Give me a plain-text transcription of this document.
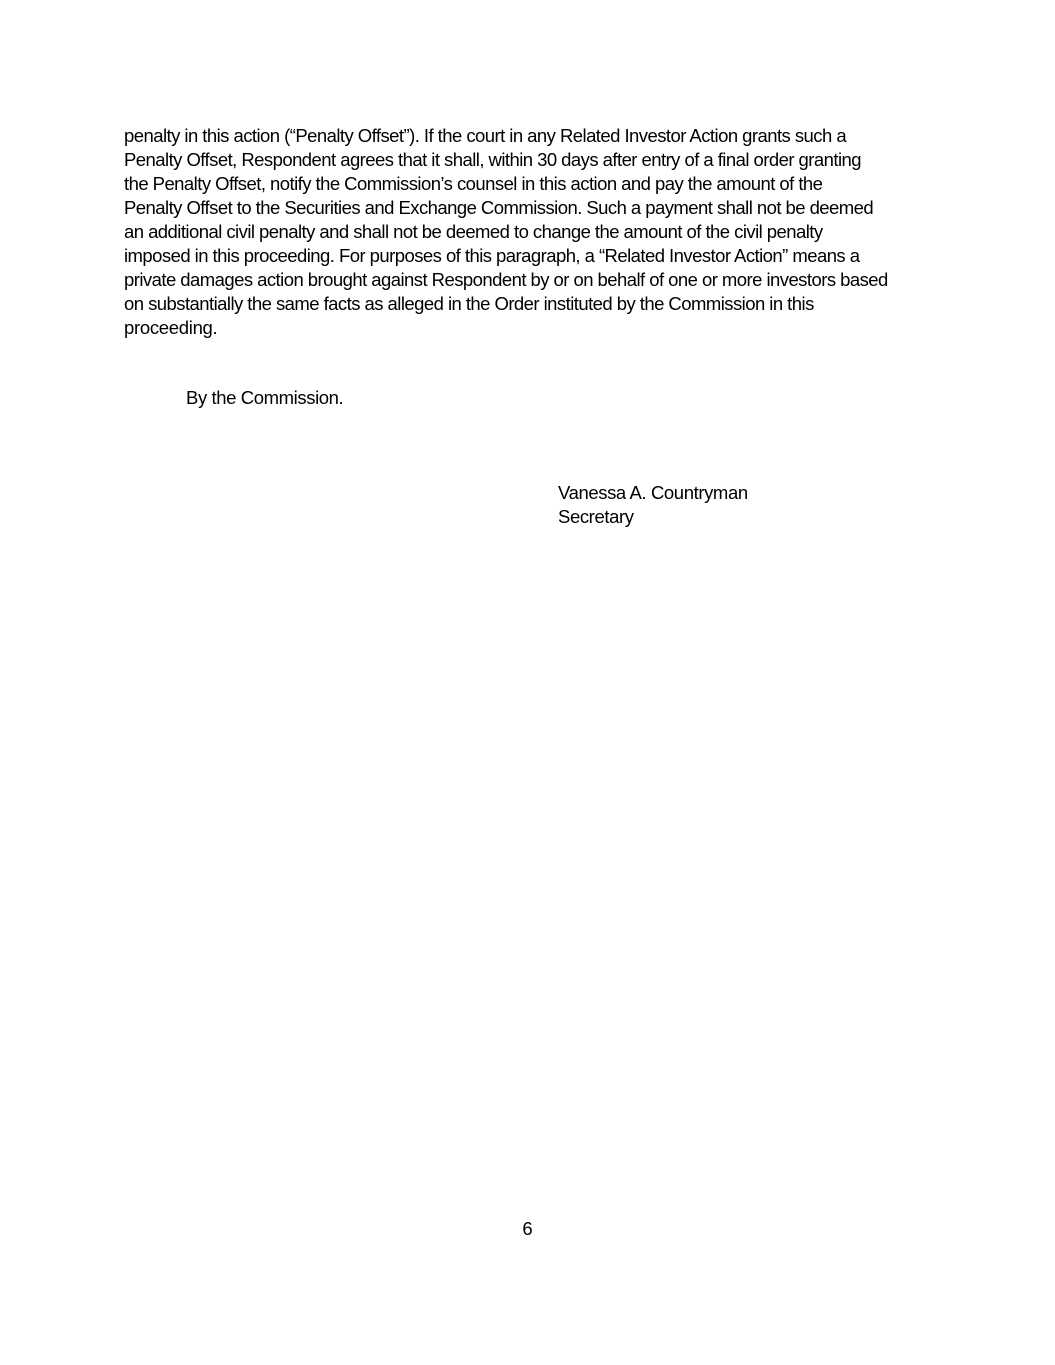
penalty in this action (“Penalty Offset”). If the court in any Related Investor Action grants such a
Penalty Offset, Respondent agrees that it shall, within 30 days after entry of a final order granting
the Penalty Offset, notify the Commission’s counsel in this action and pay the amount of the
Penalty Offset to the Securities and Exchange Commission. Such a payment shall not be deemed
an additional civil penalty and shall not be deemed to change the amount of the civil penalty
imposed in this proceeding. For purposes of this paragraph, a “Related Investor Action” means a
private damages action brought against Respondent by or on behalf of one or more investors based
on substantially the same facts as alleged in the Order instituted by the Commission in this
proceeding.
By the Commission.
Vanessa A. Countryman
Secretary
6
